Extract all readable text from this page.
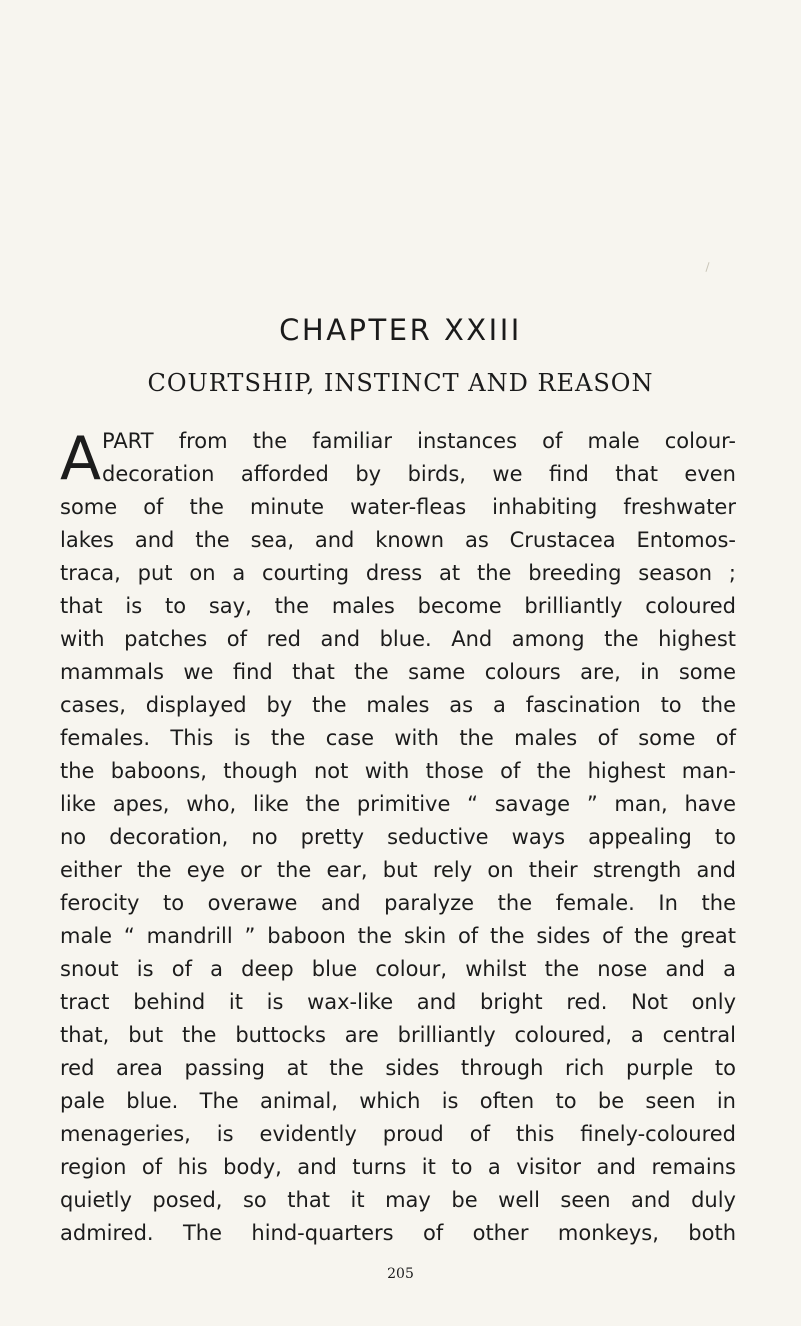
CHAPTER XXIII
COURTSHIP, INSTINCT AND REASON
A PART from the familiar instances of male colour-
decoration afforded by birds, we find that even
some of the minute water-fleas inhabiting freshwater
lakes and the sea, and known as Crustacea Entomos-
traca, put on a courting dress at the breeding season ;
that is to say, the males become brilliantly coloured
with patches of red and blue. And among the highest
mammals we find that the same colours are, in some
cases, displayed by the males as a fascination to the
females. This is the case with the males of some of
the baboons, though not with those of the highest man-
like apes, who, like the primitive “ savage ” man, have
no decoration, no pretty seductive ways appealing to
either the eye or the ear, but rely on their strength and
ferocity to overawe and paralyze the female. In the
male “ mandrill ” baboon the skin of the sides of the great
snout is of a deep blue colour, whilst the nose and a
tract behind it is wax-like and bright red. Not only
that, but the buttocks are brilliantly coloured, a central
red area passing at the sides through rich purple to
pale blue. The animal, which is often to be seen in
menageries, is evidently proud of this finely-coloured
region of his body, and turns it to a visitor and remains
quietly posed, so that it may be well seen and duly
admired. The hind-quarters of other monkeys, both
205
